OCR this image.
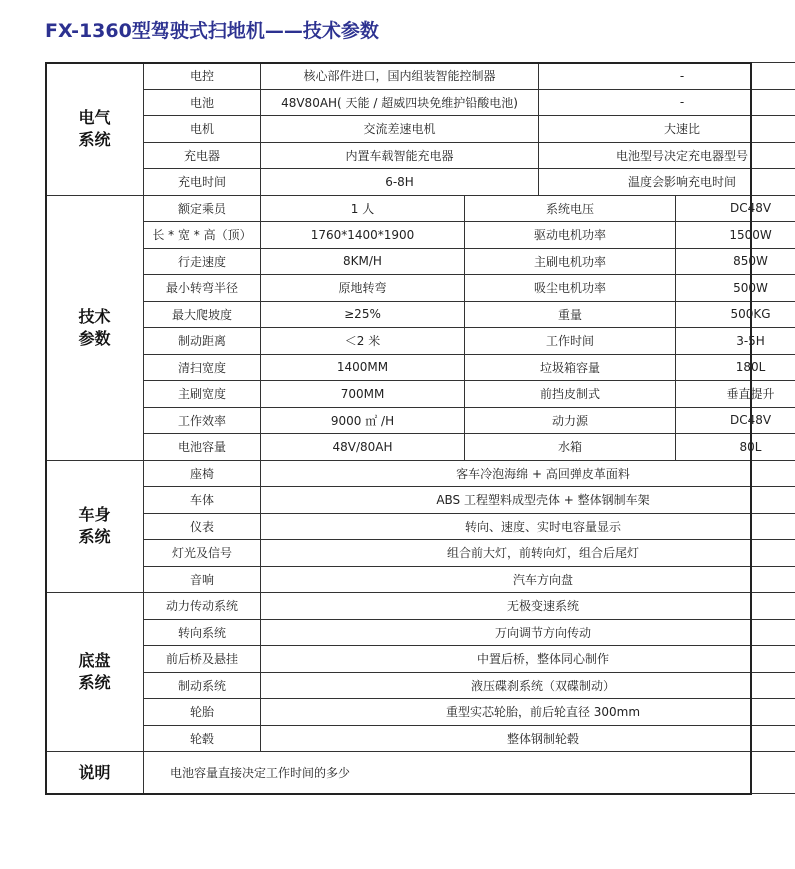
FX-1360型驾驶式扫地机——技术参数
电气
系统	电控	核心部件进口，国内组装智能控制器		-	
	电池	48V80AH( 天能 / 超威四块免维护铅酸电池)		-	
	电机	交流差速电机		大速比	
	充电器	内置车载智能充电器		电池型号决定充电器型号	
	充电时间	6-8H		温度会影响充电时间	
技术
参数	额定乘员	1 人	系统电压		DC48V
	长 * 宽 * 高（顶）	1760*1400*1900	驱动电机功率		1500W
	行走速度	8KM/H	主刷电机功率		850W
	最小转弯半径	原地转弯	吸尘电机功率		500W
	最大爬坡度	≥25%	重量		500KG
	制动距离	＜2 米	工作时间		3-5H
	清扫宽度	1400MM	垃圾箱容量		180L
	主刷宽度	700MM	前挡皮制式		垂直提升
	工作效率	9000 ㎡ /H	动力源		DC48V
	电池容量	48V/80AH	水箱		80L
车身
系统	座椅	客车冷泡海绵 + 高回弹皮革面料			
	车体	ABS 工程塑料成型壳体 + 整体钢制车架			
	仪表	转向、速度、实时电容量显示			
	灯光及信号	组合前大灯，前转向灯，组合后尾灯			
	音响	汽车方向盘			
底盘
系统	动力传动系统	无极变速系统			
	转向系统	万向调节方向传动			
	前后桥及悬挂	中置后桥，整体同心制作			
	制动系统	液压碟刹系统（双碟制动）			
	轮胎	重型实芯轮胎，前后轮直径 300mm			
	轮毂	整体钢制轮毂			
说明	电池容量直接决定工作时间的多少				
